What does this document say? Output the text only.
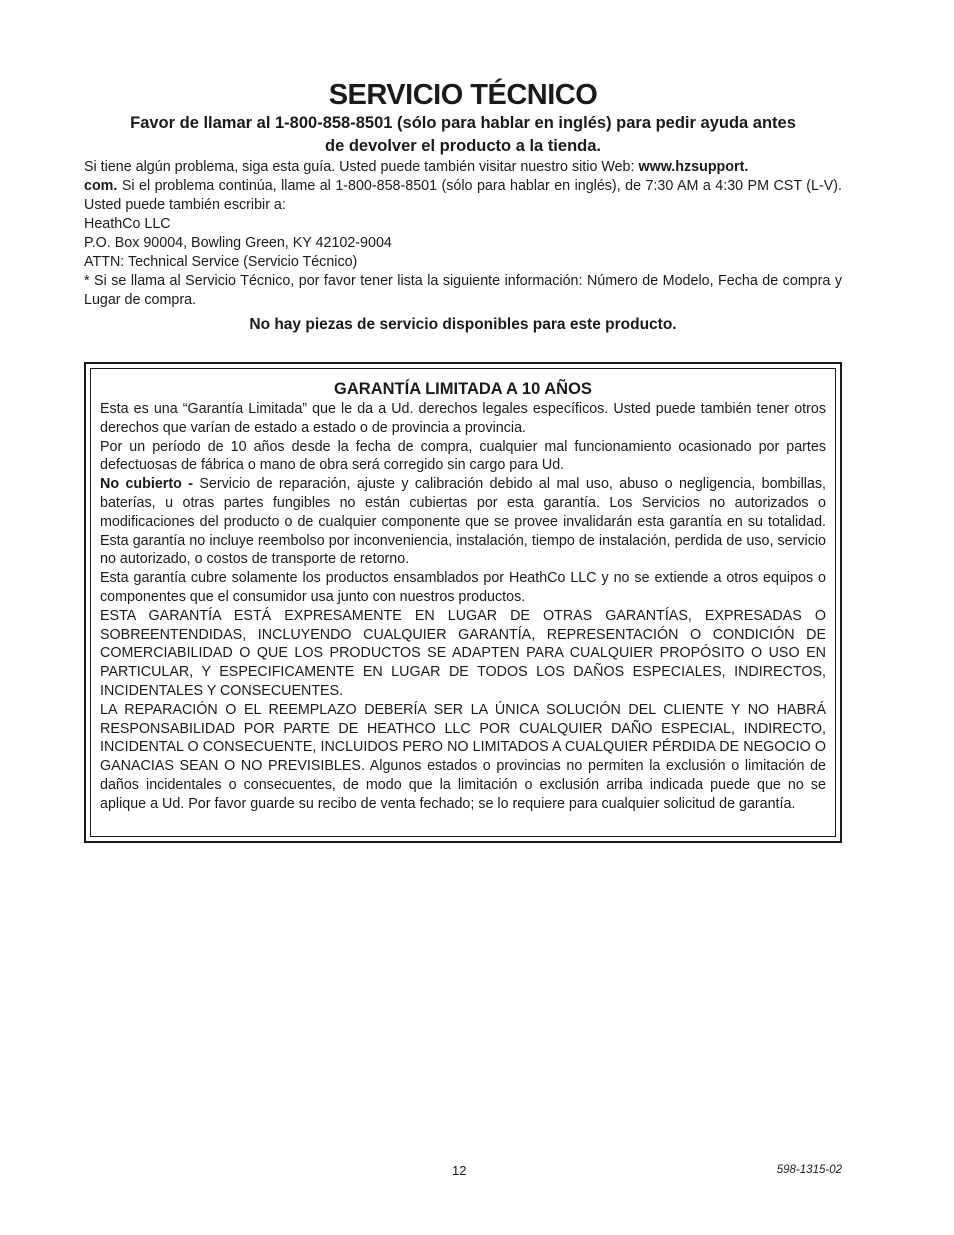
SERVICIO TÉCNICO

Favor de llamar al 1-800-858-8501 (sólo para hablar en inglés) para pedir ayuda antes

de devolver el producto a la tienda.

Si tiene algún problema, siga esta guía. Usted puede también visitar nuestro sitio Web: www.hzsupport.
com. Si el problema continúa, llame al 1-800-858-8501 (sólo para hablar en inglés), de 7:30 AM a 4:30 PM CST (L-V). Usted puede también escribir a:

HeathCo LLC

P.O. Box 90004, Bowling Green, KY 42102-9004

ATTN: Technical Service (Servicio Técnico)

* Si se llama al Servicio Técnico, por favor tener lista la siguiente información: Número de Modelo, Fecha de compra y Lugar de compra.

No hay piezas de servicio disponibles para este producto.

GARANTÍA LIMITADA A 10 AÑOS

Esta es una “Garantía Limitada” que le da a Ud. derechos legales específicos. Usted puede también tener otros derechos que varían de estado a estado o de provincia a provincia.

Por un período de 10 años desde la fecha de compra, cualquier mal funcionamiento ocasionado por partes defectuosas de fábrica o mano de obra será corregido sin cargo para Ud.

No cubierto - Servicio de reparación, ajuste y calibración debido al mal uso, abuso o negligencia, bombillas, baterías, u otras partes fungibles no están cubiertas por esta garantía. Los Servicios no autorizados o modificaciones del producto o de cualquier componente que se provee invalidarán esta garantía en su totalidad. Esta garantía no incluye reembolso por inconveniencia, instalación, tiempo de instalación, perdida de uso, servicio no autorizado, o costos de transporte de retorno.

Esta garantía cubre solamente los productos ensamblados por HeathCo LLC y no se extiende a otros equipos o componentes que el consumidor usa junto con nuestros productos.

ESTA GARANTÍA ESTÁ EXPRESAMENTE EN LUGAR DE OTRAS GARANTÍAS, EXPRESADAS O SOBREENTENDIDAS, INCLUYENDO CUALQUIER GARANTÍA, REPRESENTACIÓN O CONDICIÓN DE COMERCIABILIDAD O QUE LOS PRODUCTOS SE ADAPTEN PARA CUALQUIER PROPÓSITO O USO EN PARTICULAR, Y ESPECIFICAMENTE EN LUGAR DE TODOS LOS DAÑOS ESPECIALES, INDIRECTOS, INCIDENTALES Y CONSECUENTES.

LA REPARACIÓN O EL REEMPLAZO DEBERÍA SER LA ÚNICA SOLUCIÓN DEL CLIENTE Y NO HABRÁ RESPONSABILIDAD POR PARTE DE HEATHCO LLC POR CUALQUIER DAÑO ESPECIAL, INDIRECTO, INCIDENTAL O CONSECUENTE, INCLUIDOS PERO NO LIMITADOS A CUALQUIER PÉRDIDA DE NEGOCIO O GANACIAS SEAN O NO PREVISIBLES. Algunos estados o provincias no permiten la exclusión o limitación de daños incidentales o consecuentes, de modo que la limitación o exclusión arriba indicada puede que no se aplique a Ud. Por favor guarde su recibo de venta fechado; se lo requiere para cualquier solicitud de garantía.

12	598-1315-02
